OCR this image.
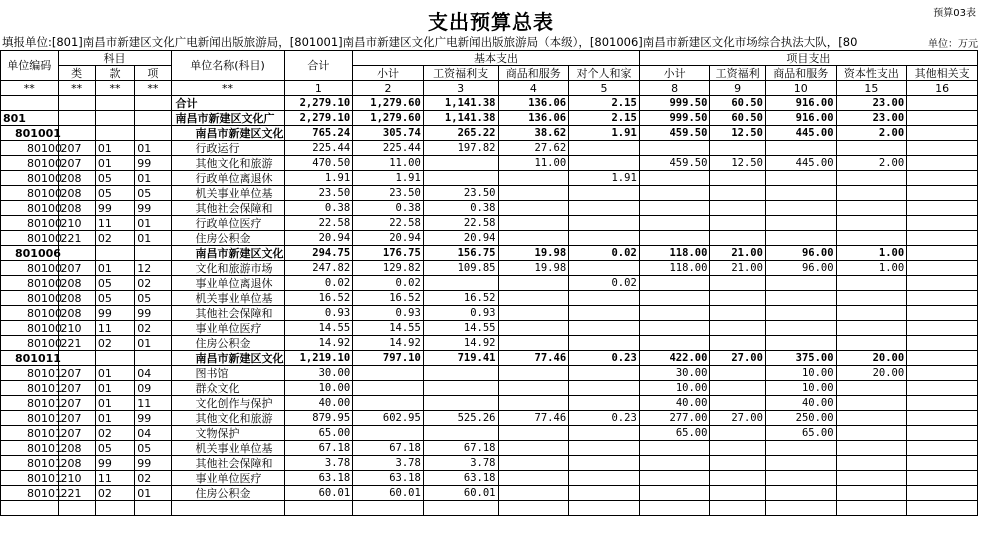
支出预算总表	预算03表
填报单位:[801]南昌市新建区文化广电新闻出版旅游局，[801001]南昌市新建区文化广电新闻出版旅游局（本级），[801006]南昌市新建区文化市场综合执法大队，[80	单位：万元
单位编码	科目			单位名称(科目)	合计	基本支出				项目支出				
	类	款	项			小计	工资福利支	商品和服务	对个人和家	小计	工资福利	商品和服务	资本性支出	其他相关支
**	**	**	**	**	1	2	3	4	5	8	9	10	15	16
				合计	2,279.10	1,279.60	1,141.38	136.06	2.15	999.50	60.50	916.00	23.00	
801				南昌市新建区文化广	2,279.10	1,279.60	1,141.38	136.06	2.15	999.50	60.50	916.00	23.00	
801001				南昌市新建区文化	765.24	305.74	265.22	38.62	1.91	459.50	12.50	445.00	2.00	
80100	207	01	01	行政运行	225.44	225.44	197.82	27.62						
80100	207	01	99	其他文化和旅游	470.50	11.00		11.00		459.50	12.50	445.00	2.00	
80100	208	05	01	行政单位离退休	1.91	1.91			1.91					
80100	208	05	05	机关事业单位基	23.50	23.50	23.50							
80100	208	99	99	其他社会保障和	0.38	0.38	0.38							
80100	210	11	01	行政单位医疗	22.58	22.58	22.58							
80100	221	02	01	住房公积金	20.94	20.94	20.94							
801006				南昌市新建区文化	294.75	176.75	156.75	19.98	0.02	118.00	21.00	96.00	1.00	
80100	207	01	12	文化和旅游市场	247.82	129.82	109.85	19.98		118.00	21.00	96.00	1.00	
80100	208	05	02	事业单位离退休	0.02	0.02			0.02					
80100	208	05	05	机关事业单位基	16.52	16.52	16.52							
80100	208	99	99	其他社会保障和	0.93	0.93	0.93							
80100	210	11	02	事业单位医疗	14.55	14.55	14.55							
80100	221	02	01	住房公积金	14.92	14.92	14.92							
801011				南昌市新建区文化	1,219.10	797.10	719.41	77.46	0.23	422.00	27.00	375.00	20.00	
80101	207	01	04	图书馆	30.00					30.00		10.00	20.00	
80101	207	01	09	群众文化	10.00					10.00		10.00		
80101	207	01	11	文化创作与保护	40.00					40.00		40.00		
80101	207	01	99	其他文化和旅游	879.95	602.95	525.26	77.46	0.23	277.00	27.00	250.00		
80101	207	02	04	文物保护	65.00					65.00		65.00		
80101	208	05	05	机关事业单位基	67.18	67.18	67.18							
80101	208	99	99	其他社会保障和	3.78	3.78	3.78							
80101	210	11	02	事业单位医疗	63.18	63.18	63.18							
80101	221	02	01	住房公积金	60.01	60.01	60.01							
